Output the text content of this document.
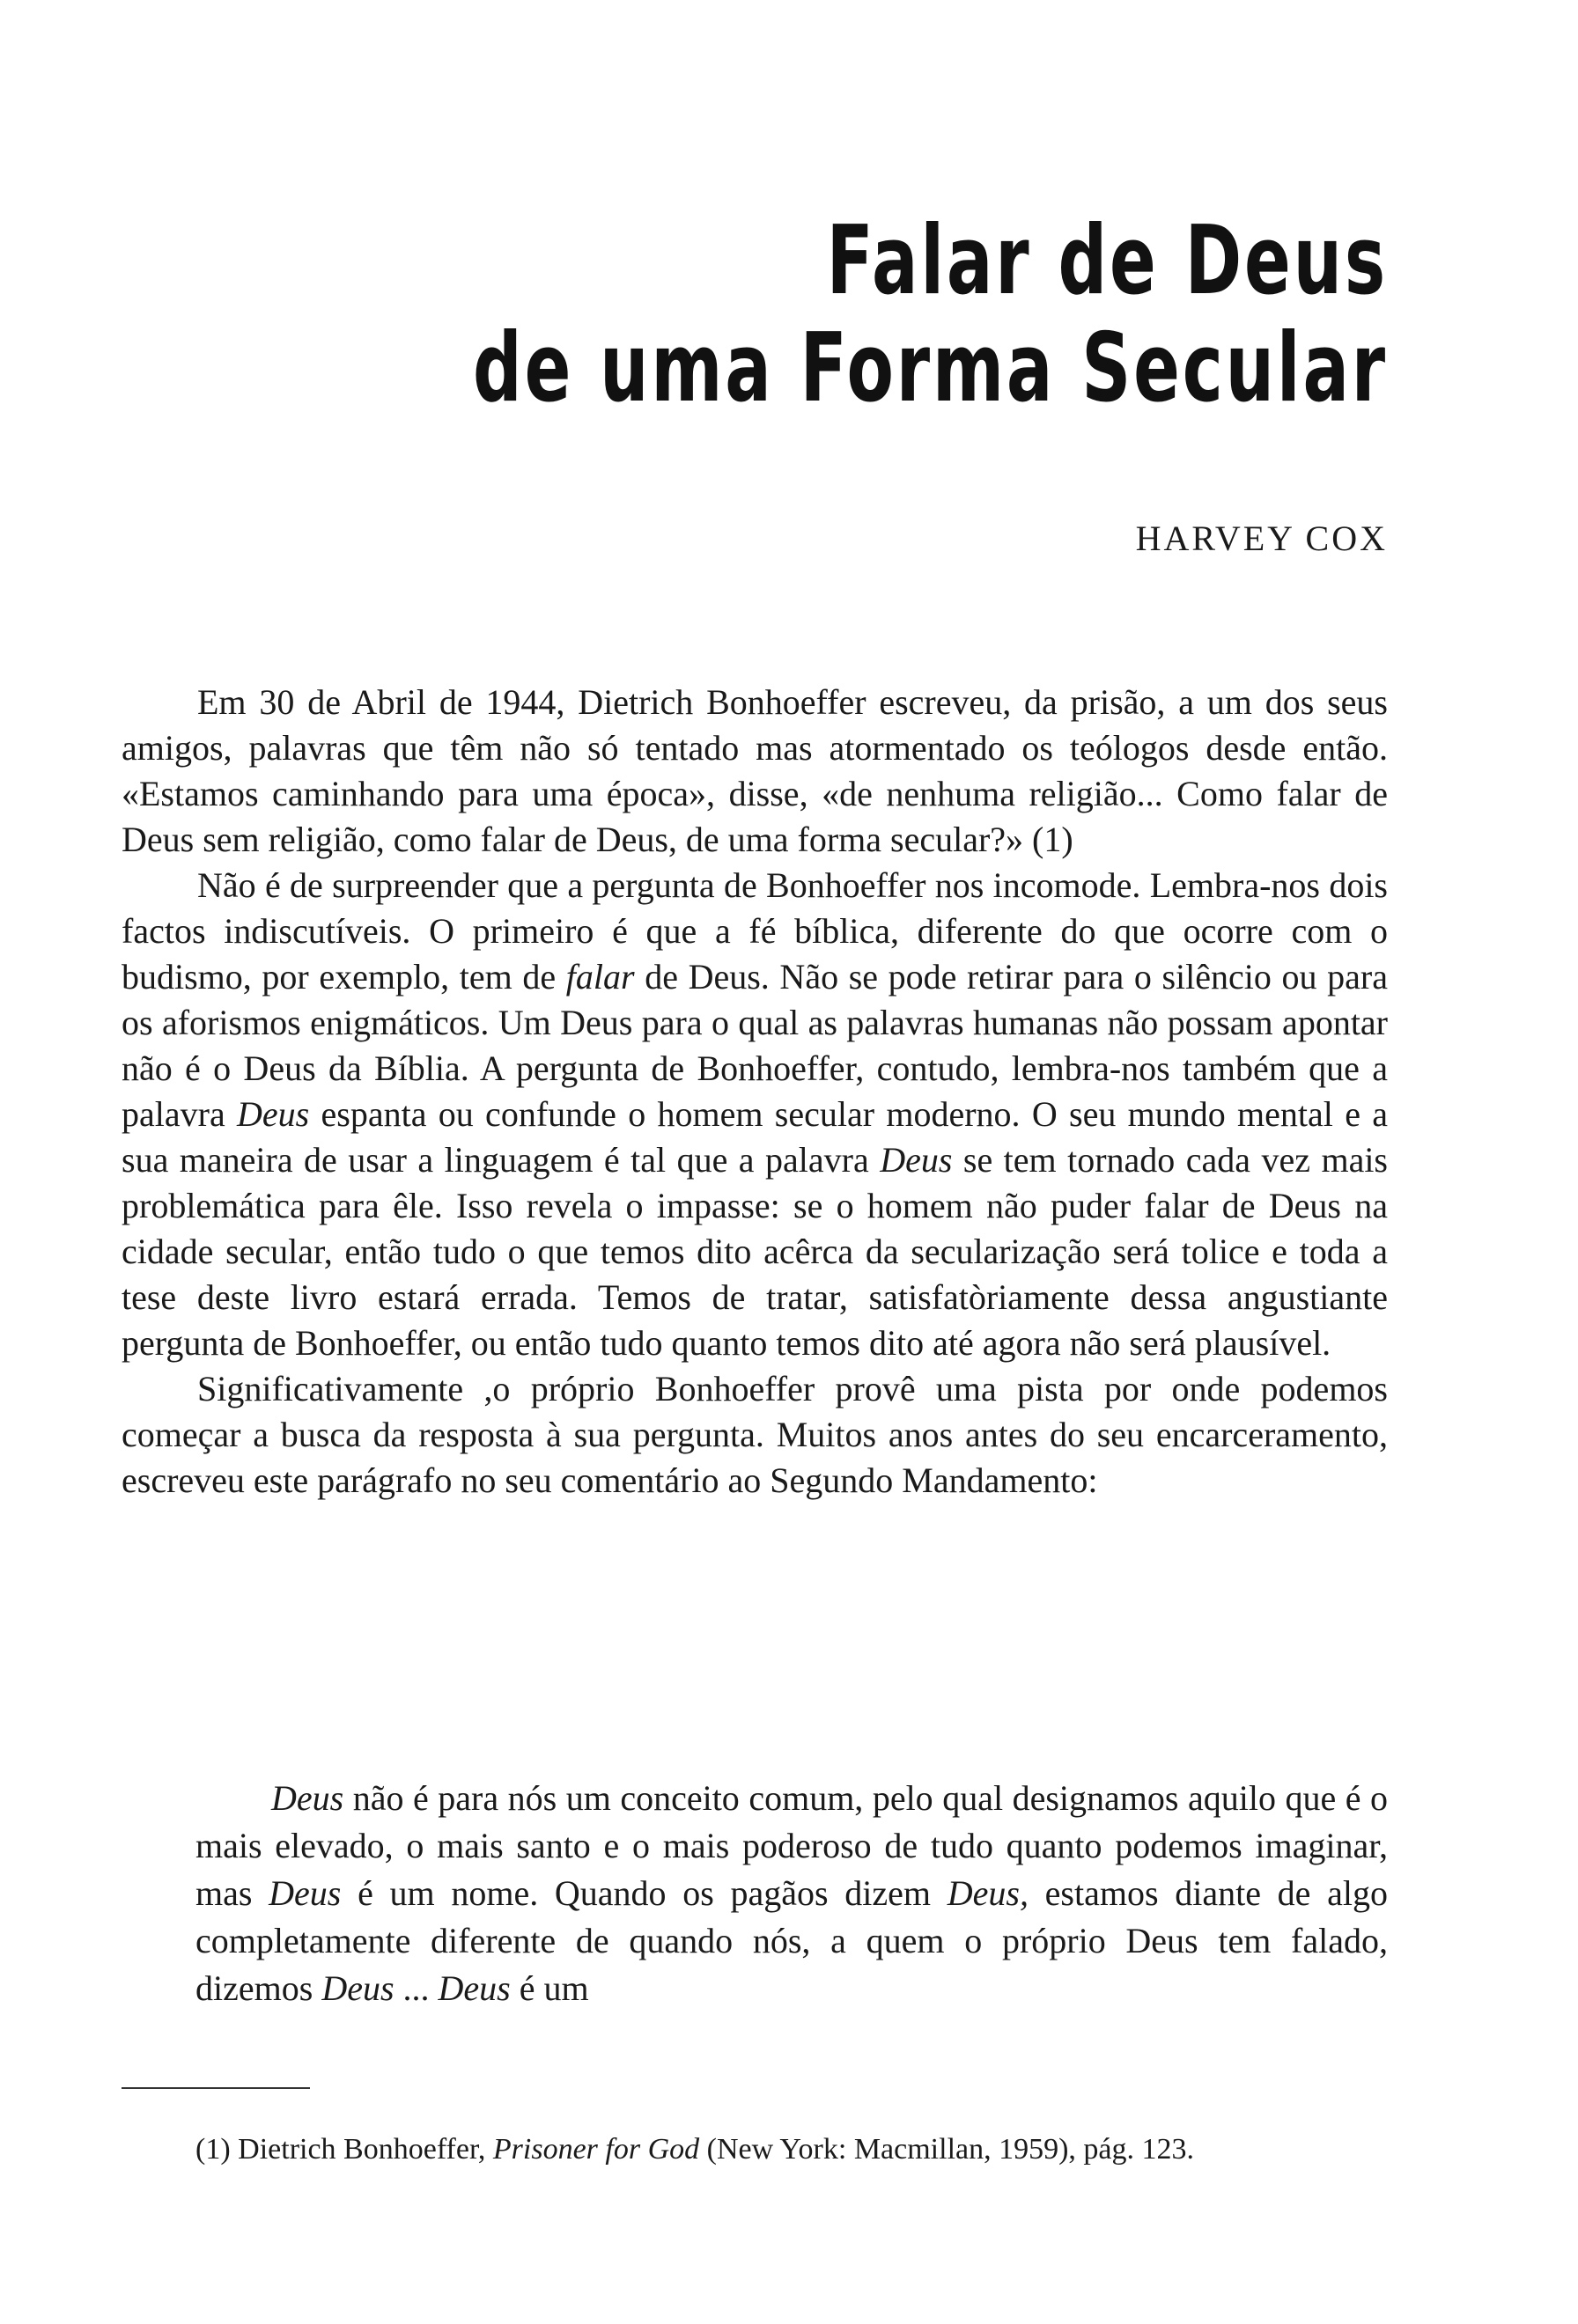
Falar de Deus
de uma Forma Secular
HARVEY COX

Em 30 de Abril de 1944, Dietrich Bonhoeffer escreveu, da prisão, a um dos seus amigos, palavras que têm não só tentado mas atormentado os teólogos desde então. «Estamos caminhando para uma época», disse, «de nenhuma religião... Como falar de Deus sem religião, como falar de Deus, de uma forma secular?» (1)

Não é de surpreender que a pergunta de Bonhoeffer nos incomode. Lembra-nos dois factos indiscutíveis. O primeiro é que a fé bíblica, diferente do que ocorre com o budismo, por exemplo, tem de falar de Deus. Não se pode retirar para o silêncio ou para os aforismos enigmáticos. Um Deus para o qual as palavras humanas não possam apontar não é o Deus da Bíblia. A pergunta de Bonhoeffer, contudo, lembra-nos também que a palavra Deus espanta ou confunde o homem secular moderno. O seu mundo mental e a sua maneira de usar a linguagem é tal que a palavra Deus se tem tornado cada vez mais problemática para êle. Isso revela o impasse: se o homem não puder falar de Deus na cidade secular, então tudo o que temos dito acêrca da secularização será tolice e toda a tese deste livro estará errada. Temos de tratar, satisfatòriamente dessa angustiante pergunta de Bonhoeffer, ou então tudo quanto temos dito até agora não será plausível.

Significativamente ,o próprio Bonhoeffer provê uma pista por onde podemos começar a busca da resposta à sua pergunta. Muitos anos antes do seu encarceramento, escreveu este parágrafo no seu comentário ao Segundo Mandamento:

Deus não é para nós um conceito comum, pelo qual designamos aquilo que é o mais elevado, o mais santo e o mais poderoso de tudo quanto podemos imaginar, mas Deus é um nome. Quando os pagãos dizem Deus, estamos diante de algo completamente diferente de quando nós, a quem o próprio Deus tem falado, dizemos Deus ... Deus é um
(1) Dietrich Bonhoeffer, Prisoner for God (New York: Macmillan, 1959), pág. 123.
